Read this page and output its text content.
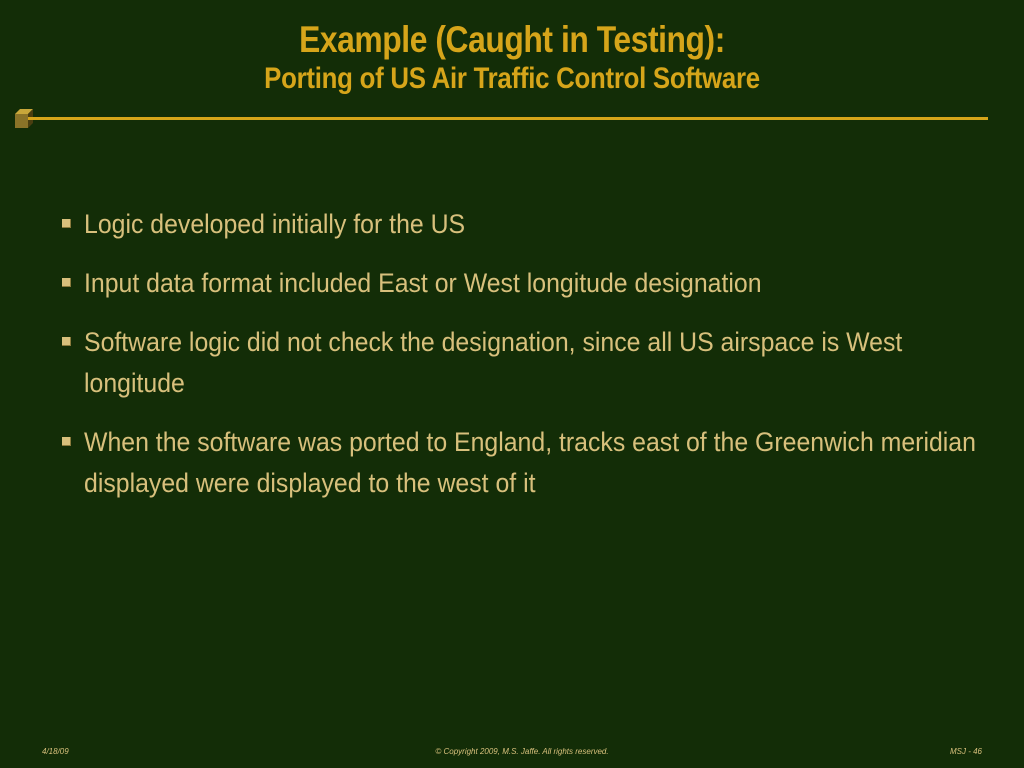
Example (Caught in Testing):
Porting of US Air Traffic Control Software
Logic developed initially for the US
Input data format included East or West longitude designation
Software logic did not check the designation, since all US airspace is West longitude
When the software was ported to England, tracks east of the Greenwich meridian displayed were displayed to the west of it
4/18/09	© Copyright 2009, M.S. Jaffe. All rights reserved.	MSJ - 46
